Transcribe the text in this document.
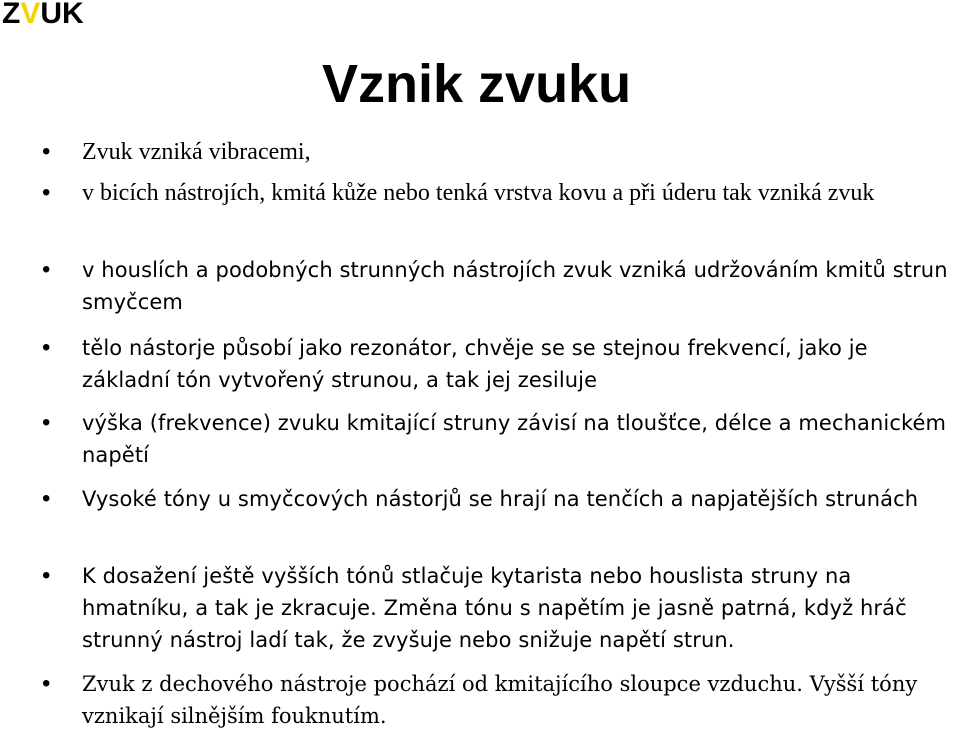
ZVUK
Vznik zvuku
• Zvuk vzniká vibracemi,
• v bicích nástrojích, kmitá kůže nebo tenká vrstva kovu a při úderu tak vzniká zvuk
• v houslích a podobných strunných nástrojích zvuk vzniká udržováním kmitů strun smyčcem
• tělo nástorje působí jako rezonátor, chvěje se se stejnou frekvencí, jako je základní tón vytvořený strunou, a tak jej zesiluje
• výška (frekvence) zvuku kmitající struny závisí na tloušťce, délce a mechanickém napětí
• Vysoké tóny u smyčcových nástorjů se hrají na tenčích a napjatějších strunách
• K dosažení ještě vyšších tónů stlačuje kytarista nebo houslista struny na hmatníku, a tak je zkracuje. Změna tónu s napětím je jasně patrná, když hráč strunný nástroj ladí tak, že zvyšuje nebo snižuje napětí strun.
• Zvuk z dechového nástroje pochází od kmitajícího sloupce vzduchu. Vyšší tóny vznikají silnějším fouknutím.
